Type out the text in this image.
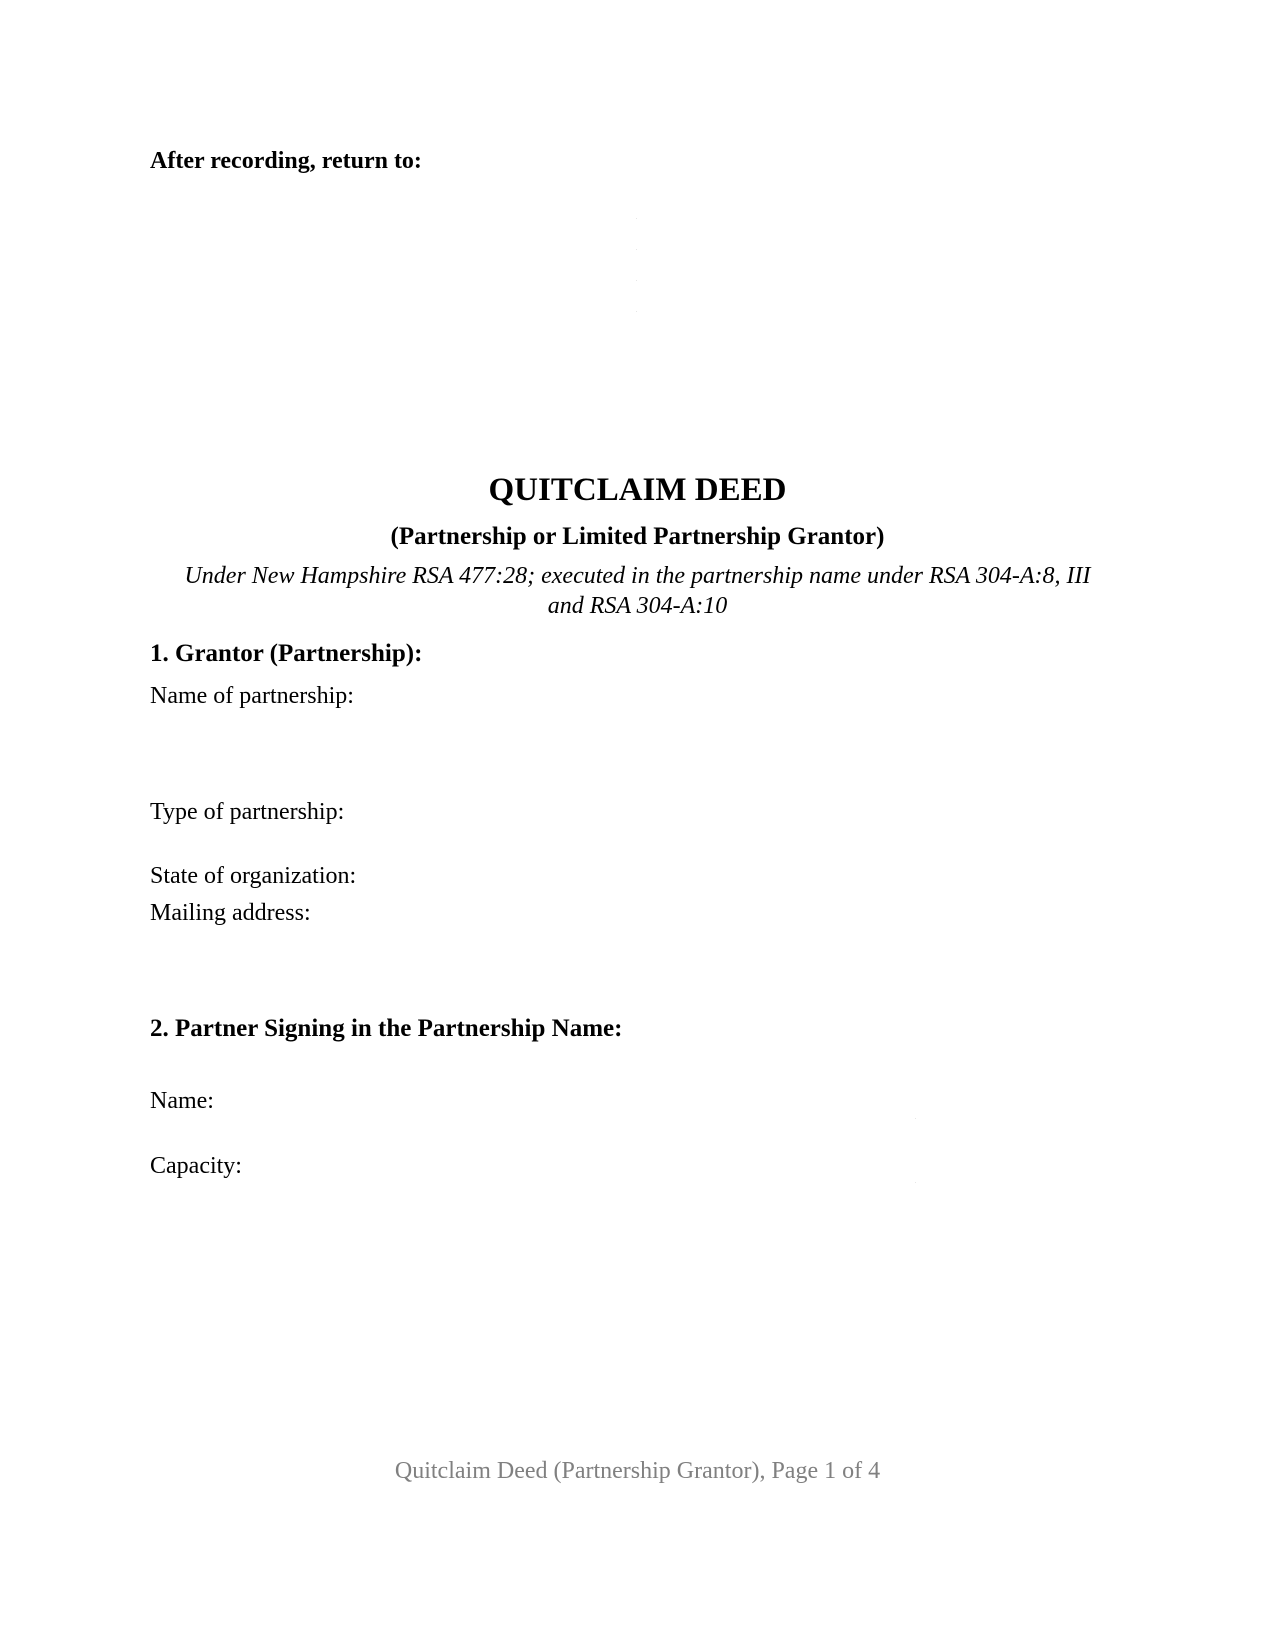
After recording, return to:
QUITCLAIM DEED
(Partnership or Limited Partnership Grantor)
Under New Hampshire RSA 477:28; executed in the partnership name under RSA 304-A:8, III
and RSA 304-A:10
1. Grantor (Partnership):
Name of partnership:
Type of partnership:
State of organization:
Mailing address:
2. Partner Signing in the Partnership Name:
Name:
Capacity:
Quitclaim Deed (Partnership Grantor), Page 1 of 4
